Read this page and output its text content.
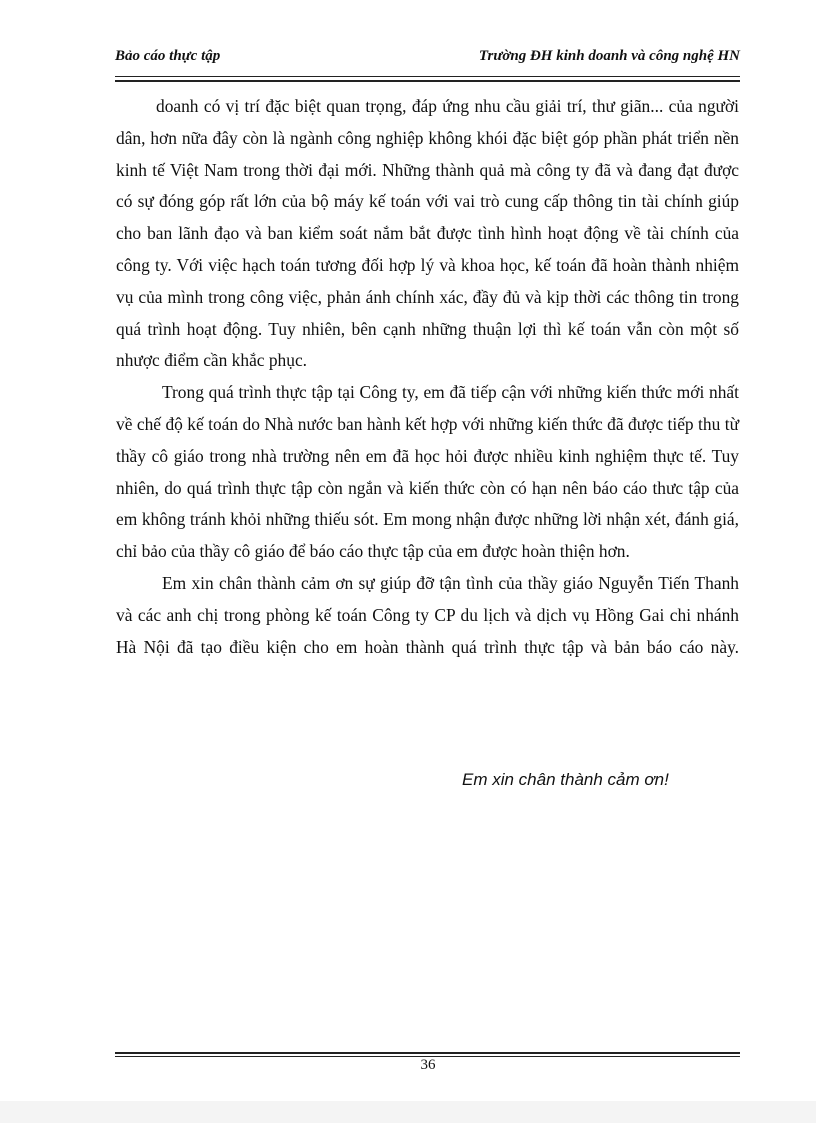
Bảo cáo thực tập	Trường ĐH kinh doanh và công nghệ HN

doanh có vị trí đặc biệt quan trọng, đáp ứng nhu cầu giải trí, thư giãn... của người dân, hơn nữa đây còn là ngành công nghiệp không khói đặc biệt góp phần phát triển nền kinh tế Việt Nam trong thời đại mới. Những thành quả mà công ty đã và đang đạt được có sự đóng góp rất lớn của bộ máy kế toán với vai trò cung cấp thông tin tài chính giúp cho ban lãnh đạo và ban kiểm soát nắm bắt được tình hình hoạt động về tài chính của công ty. Với việc hạch toán tương đối hợp lý và khoa học, kế toán đã hoàn thành nhiệm vụ của mình trong công việc, phản ánh chính xác, đầy đủ và kịp thời các thông tin trong quá trình hoạt động. Tuy nhiên, bên cạnh những thuận lợi thì kế toán vẫn còn một số nhược điểm cần khắc phục.

Trong quá trình thực tập tại Công ty, em đã tiếp cận với những kiến thức mới nhất về chế độ kế toán do Nhà nước ban hành kết hợp với những kiến thức đã được tiếp thu từ thầy cô giáo trong nhà trường nên em đã học hỏi được nhiều kinh nghiệm thực tế. Tuy nhiên, do quá trình thực tập còn ngắn và kiến thức còn có hạn nên báo cáo thưc tập của em không tránh khỏi những thiếu sót. Em mong nhận được những lời nhận xét, đánh giá, chỉ bảo của thầy cô giáo để báo cáo thực tập của em được hoàn thiện hơn.

Em xin chân thành cảm ơn sự giúp đỡ tận tình của thầy giáo Nguyễn Tiến Thanh và các anh chị trong phòng kế toán Công ty CP du lịch và dịch vụ Hồng Gai chi nhánh Hà Nội đã tạo điều kiện cho em hoàn thành quá trình thực tập và bản báo cáo này.

Em xin chân thành cảm ơn!
36
